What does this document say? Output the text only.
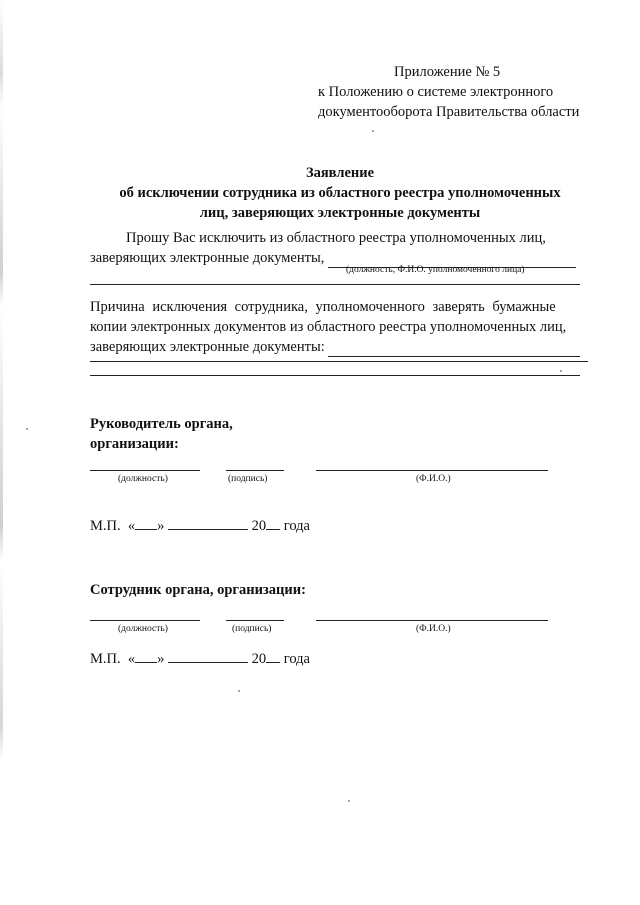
Приложение № 5
к Положению о системе электронного
документооборота Правительства области
Заявление
об исключении сотрудника из областного реестра уполномоченных
лиц, заверяющих электронные документы
Прошу Вас исключить из областного реестра уполномоченных лиц,
заверяющих электронные документы,
(должность, Ф.И.О. уполномоченного лица)
Причина исключения сотрудника, уполномоченного заверять бумажные
копии электронных документов из областного реестра уполномоченных лиц,
заверяющих электронные документы:
Руководитель органа,
организации:
(должность)	(подпись)	(Ф.И.О.)
М.П. « »	20 года
Сотрудник органа, организации:
(должность)	(подпись)	(Ф.И.О.)
М.П. « »	20 года
